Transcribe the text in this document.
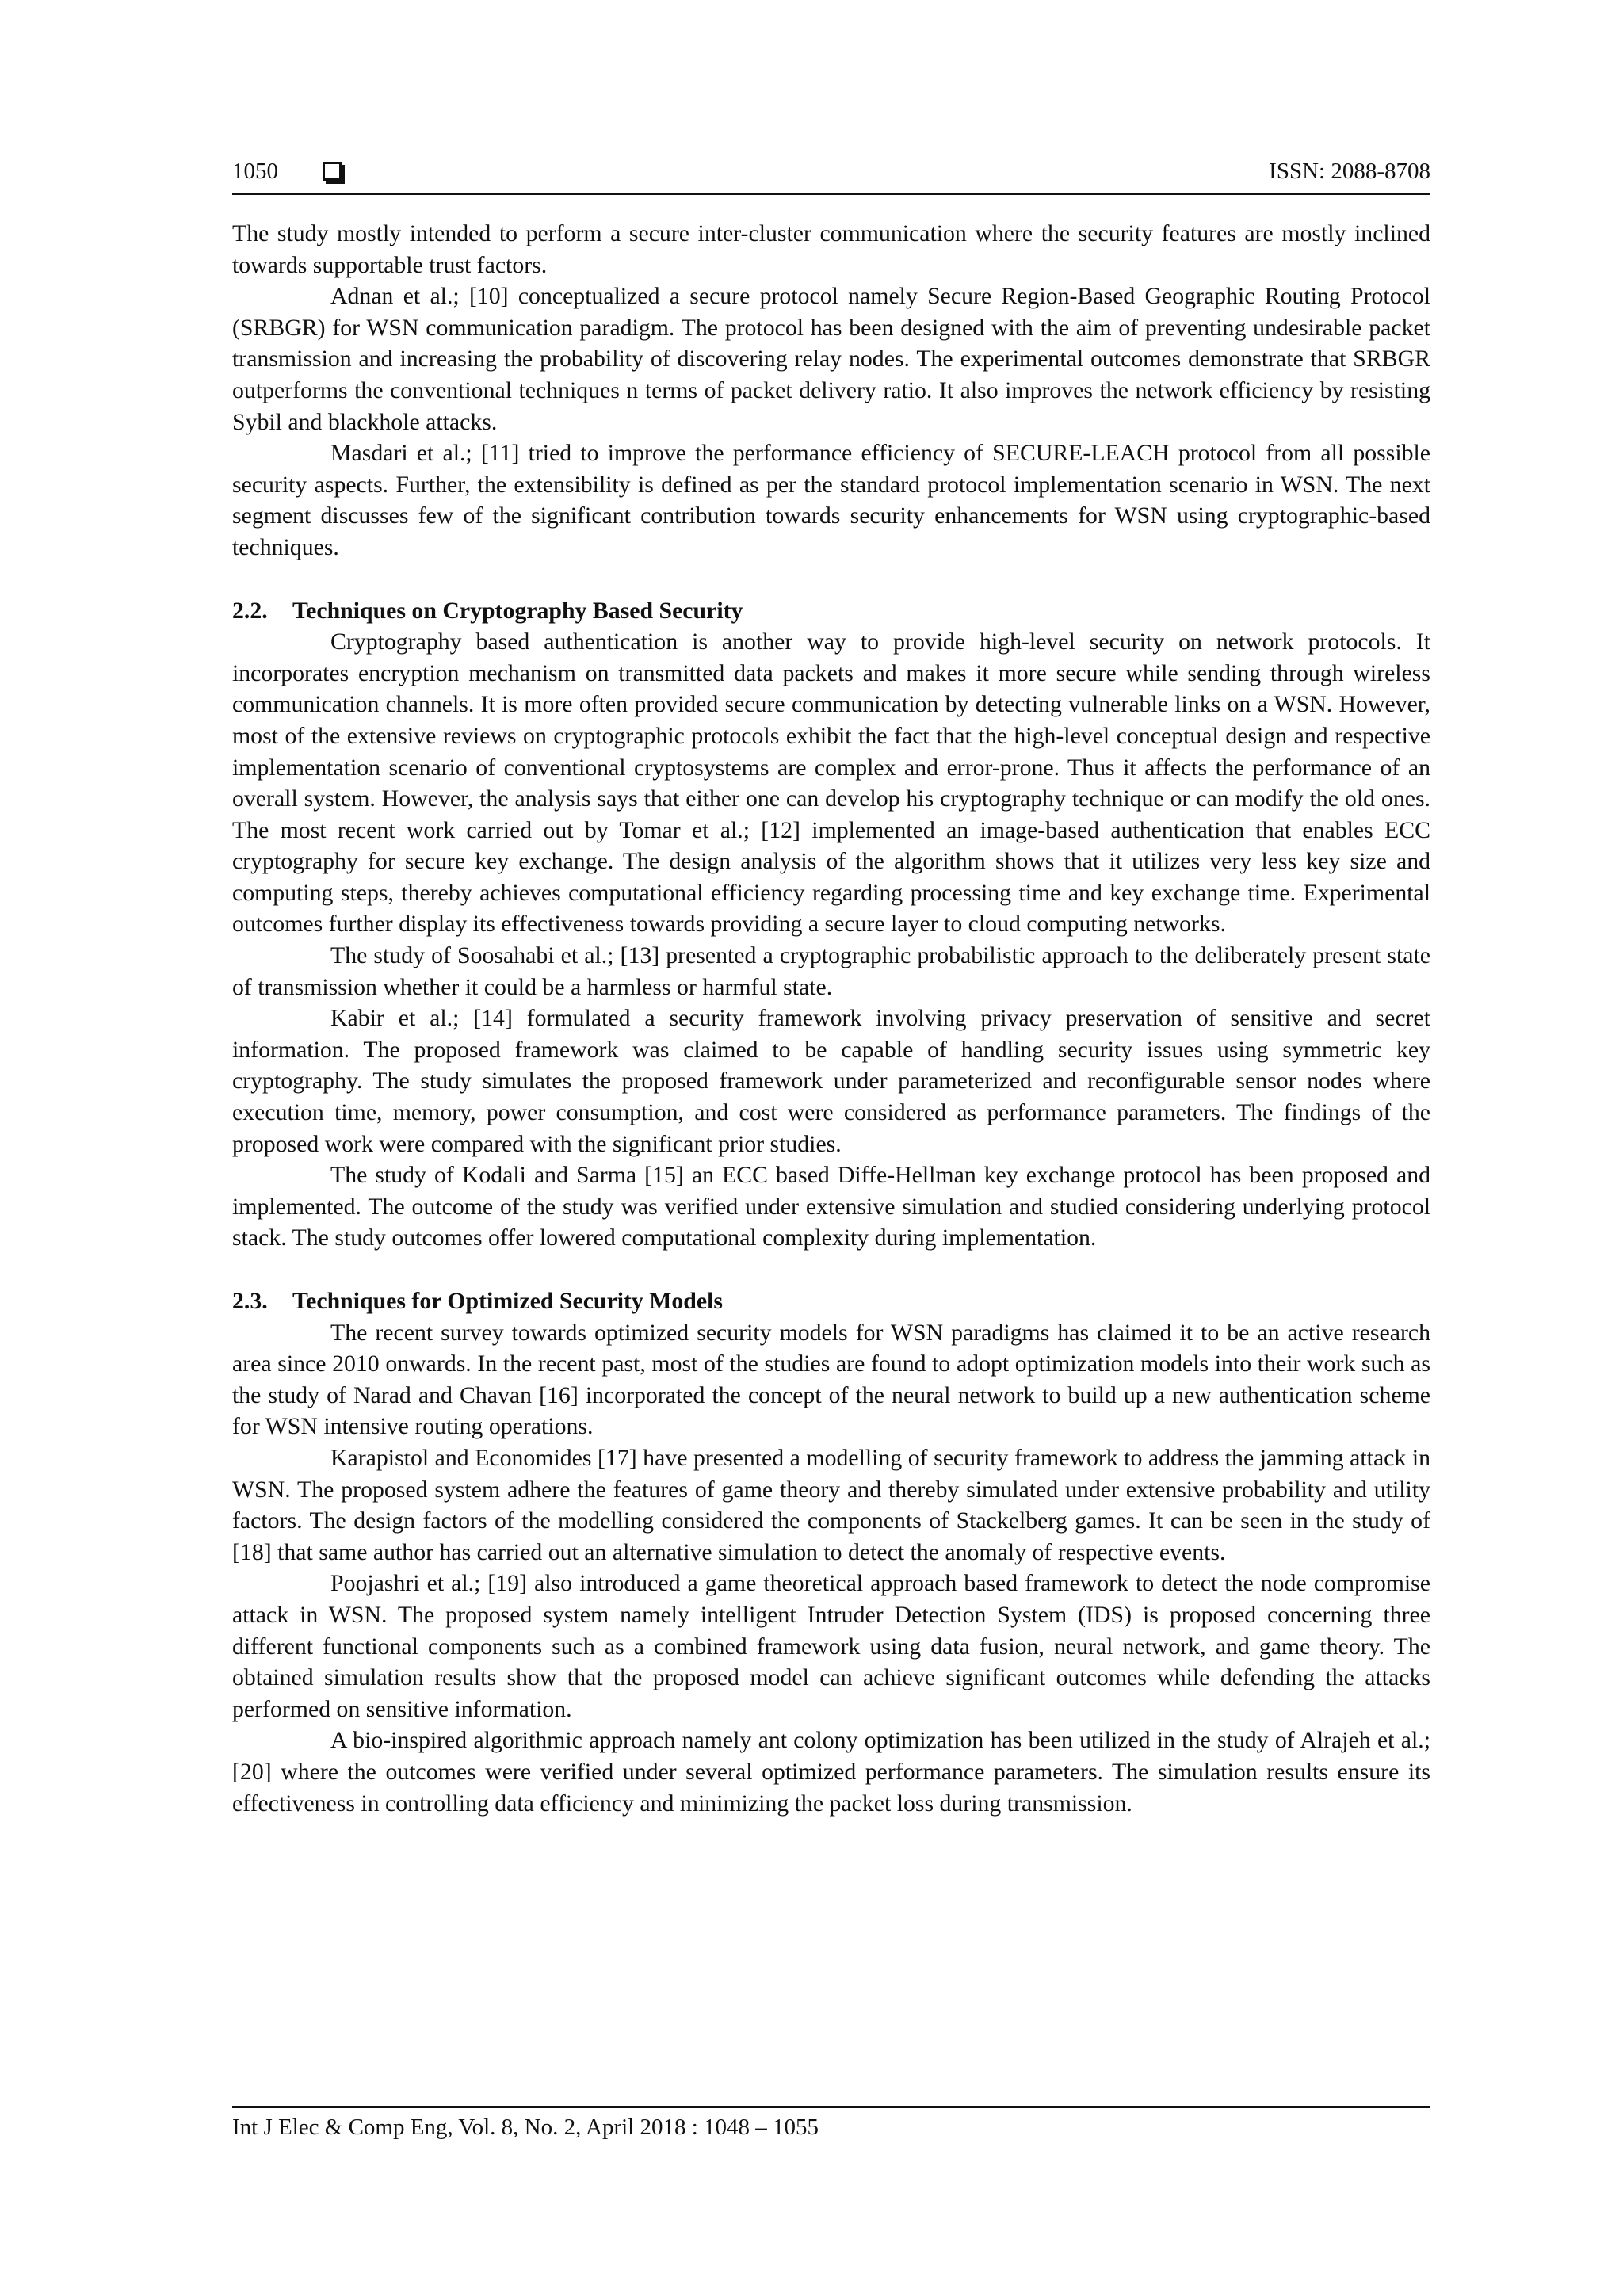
1050	ISSN: 2088-8708

The study mostly intended to perform a secure inter-cluster communication where the security features are mostly inclined towards supportable trust factors.

Adnan et al.; [10] conceptualized a secure protocol namely Secure Region-Based Geographic Routing Protocol (SRBGR) for WSN communication paradigm. The protocol has been designed with the aim of preventing undesirable packet transmission and increasing the probability of discovering relay nodes. The experimental outcomes demonstrate that SRBGR outperforms the conventional techniques n terms of packet delivery ratio. It also improves the network efficiency by resisting Sybil and blackhole attacks.

Masdari et al.; [11] tried to improve the performance efficiency of SECURE-LEACH protocol from all possible security aspects. Further, the extensibility is defined as per the standard protocol implementation scenario in WSN. The next segment discusses few of the significant contribution towards security enhancements for WSN using cryptographic-based techniques.

2.2. Techniques on Cryptography Based Security

Cryptography based authentication is another way to provide high-level security on network protocols. It incorporates encryption mechanism on transmitted data packets and makes it more secure while sending through wireless communication channels. It is more often provided secure communication by detecting vulnerable links on a WSN. However, most of the extensive reviews on cryptographic protocols exhibit the fact that the high-level conceptual design and respective implementation scenario of conventional cryptosystems are complex and error-prone. Thus it affects the performance of an overall system. However, the analysis says that either one can develop his cryptography technique or can modify the old ones. The most recent work carried out by Tomar et al.; [12] implemented an image-based authentication that enables ECC cryptography for secure key exchange. The design analysis of the algorithm shows that it utilizes very less key size and computing steps, thereby achieves computational efficiency regarding processing time and key exchange time. Experimental outcomes further display its effectiveness towards providing a secure layer to cloud computing networks.

The study of Soosahabi et al.; [13] presented a cryptographic probabilistic approach to the deliberately present state of transmission whether it could be a harmless or harmful state.

Kabir et al.; [14] formulated a security framework involving privacy preservation of sensitive and secret information. The proposed framework was claimed to be capable of handling security issues using symmetric key cryptography. The study simulates the proposed framework under parameterized and reconfigurable sensor nodes where execution time, memory, power consumption, and cost were considered as performance parameters. The findings of the proposed work were compared with the significant prior studies.

The study of Kodali and Sarma [15] an ECC based Diffe-Hellman key exchange protocol has been proposed and implemented. The outcome of the study was verified under extensive simulation and studied considering underlying protocol stack. The study outcomes offer lowered computational complexity during implementation.

2.3. Techniques for Optimized Security Models

The recent survey towards optimized security models for WSN paradigms has claimed it to be an active research area since 2010 onwards. In the recent past, most of the studies are found to adopt optimization models into their work such as the study of Narad and Chavan [16] incorporated the concept of the neural network to build up a new authentication scheme for WSN intensive routing operations.

Karapistol and Economides [17] have presented a modelling of security framework to address the jamming attack in WSN. The proposed system adhere the features of game theory and thereby simulated under extensive probability and utility factors. The design factors of the modelling considered the components of Stackelberg games. It can be seen in the study of [18] that same author has carried out an alternative simulation to detect the anomaly of respective events.

Poojashri et al.; [19] also introduced a game theoretical approach based framework to detect the node compromise attack in WSN. The proposed system namely intelligent Intruder Detection System (IDS) is proposed concerning three different functional components such as a combined framework using data fusion, neural network, and game theory. The obtained simulation results show that the proposed model can achieve significant outcomes while defending the attacks performed on sensitive information.

A bio-inspired algorithmic approach namely ant colony optimization has been utilized in the study of Alrajeh et al.; [20] where the outcomes were verified under several optimized performance parameters. The simulation results ensure its effectiveness in controlling data efficiency and minimizing the packet loss during transmission.

Int J Elec & Comp Eng, Vol. 8, No. 2, April 2018 : 1048 – 1055
